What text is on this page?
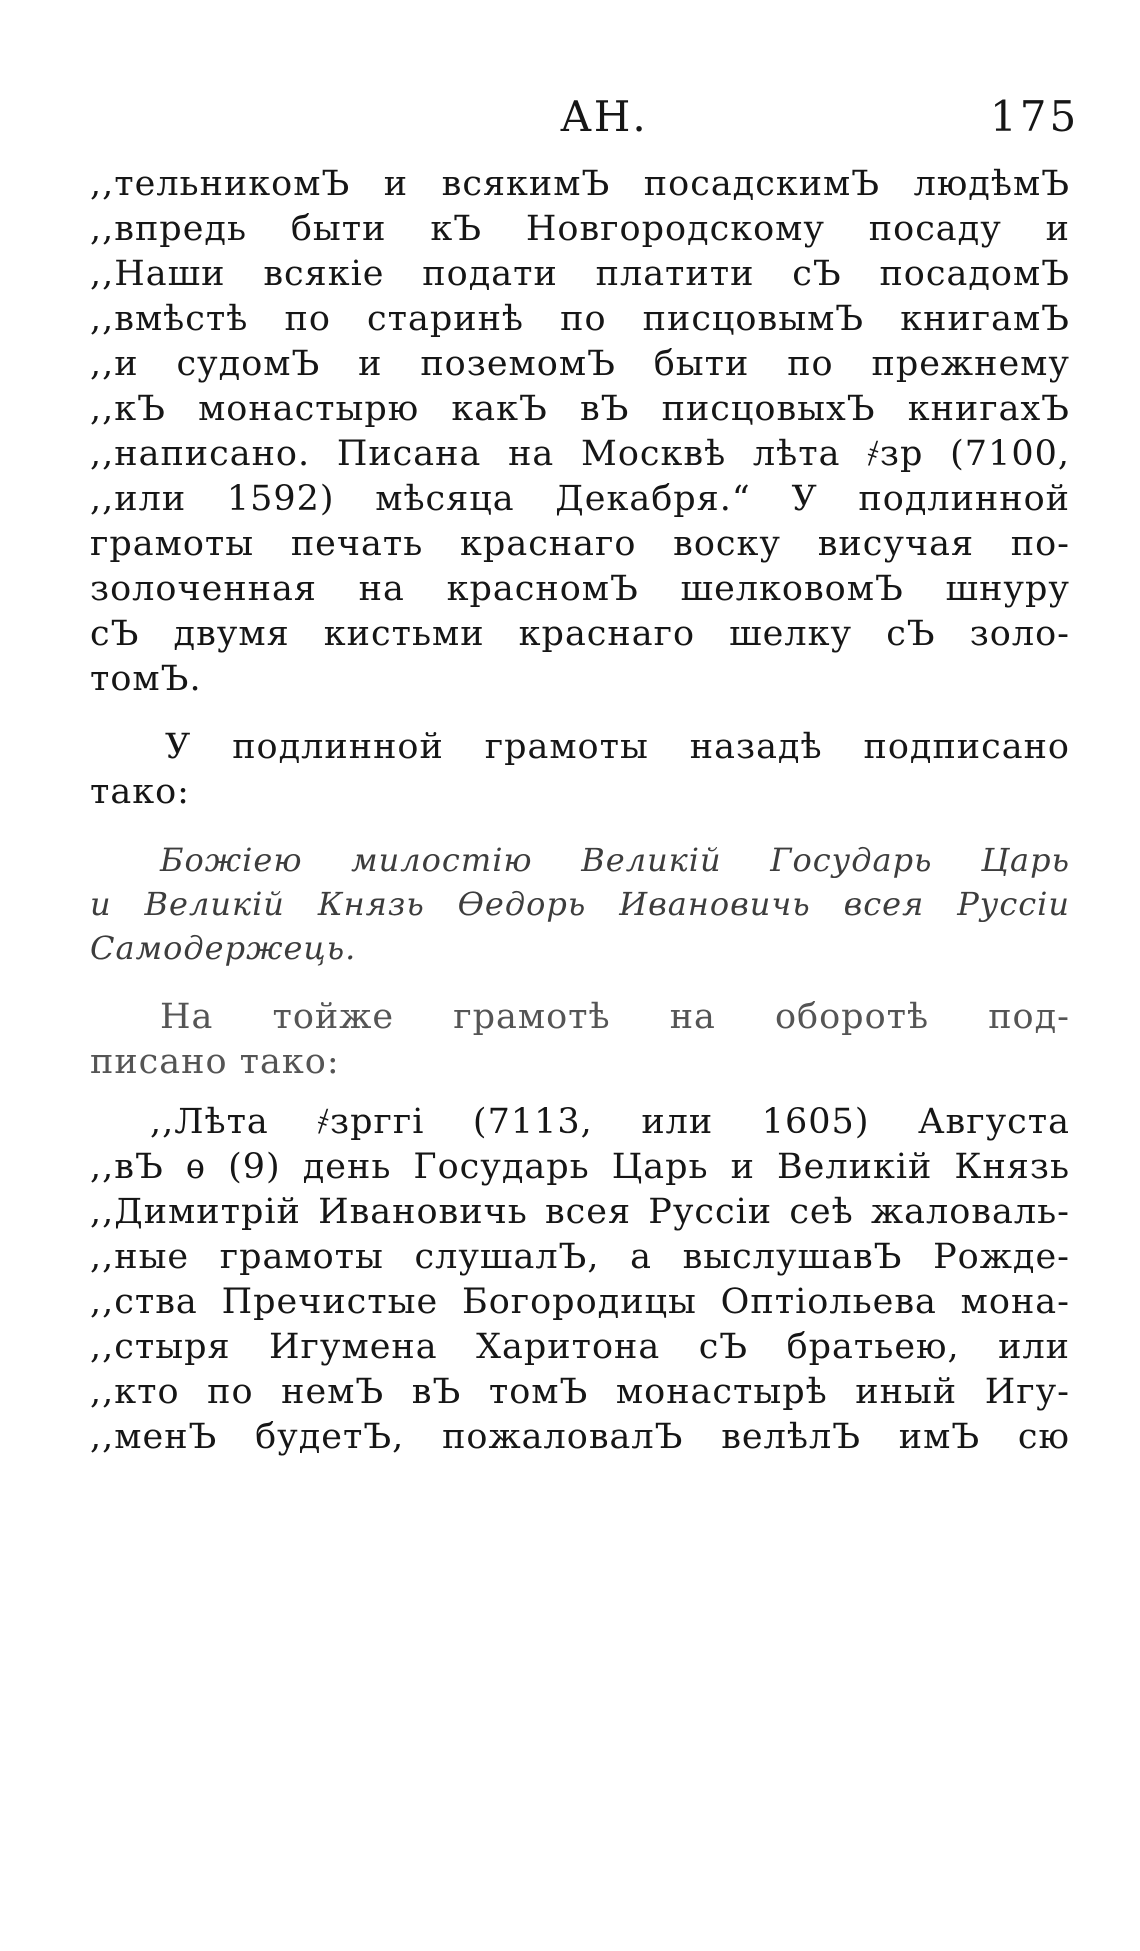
АН.	175
,,тельникомЪ и всякимЪ посадскимЪ людѣмЪ
,,впредь быти кЪ Новгородскому посаду и
,,Наши всякіе подати платити сЪ посадомЪ
,,вмѣстѣ по старинѣ по писцовымЪ книгамЪ
,,и судомЪ и поземомЪ быти по прежнему
,,кЪ монастырю какЪ вЪ писцовыхЪ книгахЪ
,,написано. Писана на Москвѣ лѣта ҂зр (7100,
,,или 1592) мѣсяца Декабря.“ У подлинной
грамоты печать краснаго воску висучая по-
золоченная на красномЪ шелковомЪ шнуру
сЪ двумя кистьми краснаго шелку сЪ золо-
томЪ.
У подлинной грамоты назадѣ подписано
тако:
Божіею милостію Великій Государь Царь
и Великій Князь Ѳедорь Ивановичь всея Руссіи
Самодержець.
На тойже грамотѣ на оборотѣ под-
писано тако:
,,Лѣта ҂зрггі (7113, или 1605) Августа
,,вЪ ѳ (9) день Государь Царь и Великій Князь
,,Димитрій Ивановичь всея Руссіи сеѣ жаловаль-
,,ные грамоты слушалЪ, а выслушавЪ Рожде-
,,ства Пречистые Богородицы Оптіольева мона-
,,стыря Игумена Харитона сЪ братьею, или
,,кто по немЪ вЪ томЪ монастырѣ иный Игу-
,,менЪ будетЪ, пожаловалЪ велѣлЪ имЪ сю
